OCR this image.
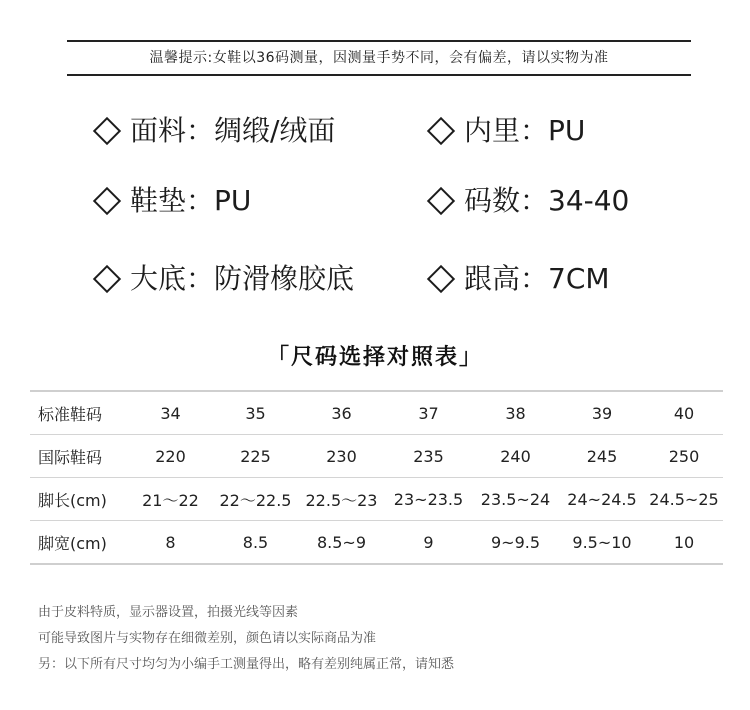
温馨提示:女鞋以36码测量，因测量手势不同，会有偏差，请以实物为准
面料：绸缎/绒面	内里：PU
鞋垫：PU	码数：34-40
大底：防滑橡胶底	跟高：7CM
「尺码选择对照表」
标准鞋码	34	35	36	37	38	39	40
国际鞋码	220	225	230	235	240	245	250
脚长(cm)	21～22	22～22.5	22.5～23	23~23.5	23.5~24	24~24.5	24.5~25
脚宽(cm)	8	8.5	8.5~9	9	9~9.5	9.5~10	10
由于皮料特质，显示器设置，拍摄光线等因素
可能导致图片与实物存在细微差别，颜色请以实际商品为准
另：以下所有尺寸均匀为小编手工测量得出，略有差别纯属正常，请知悉
